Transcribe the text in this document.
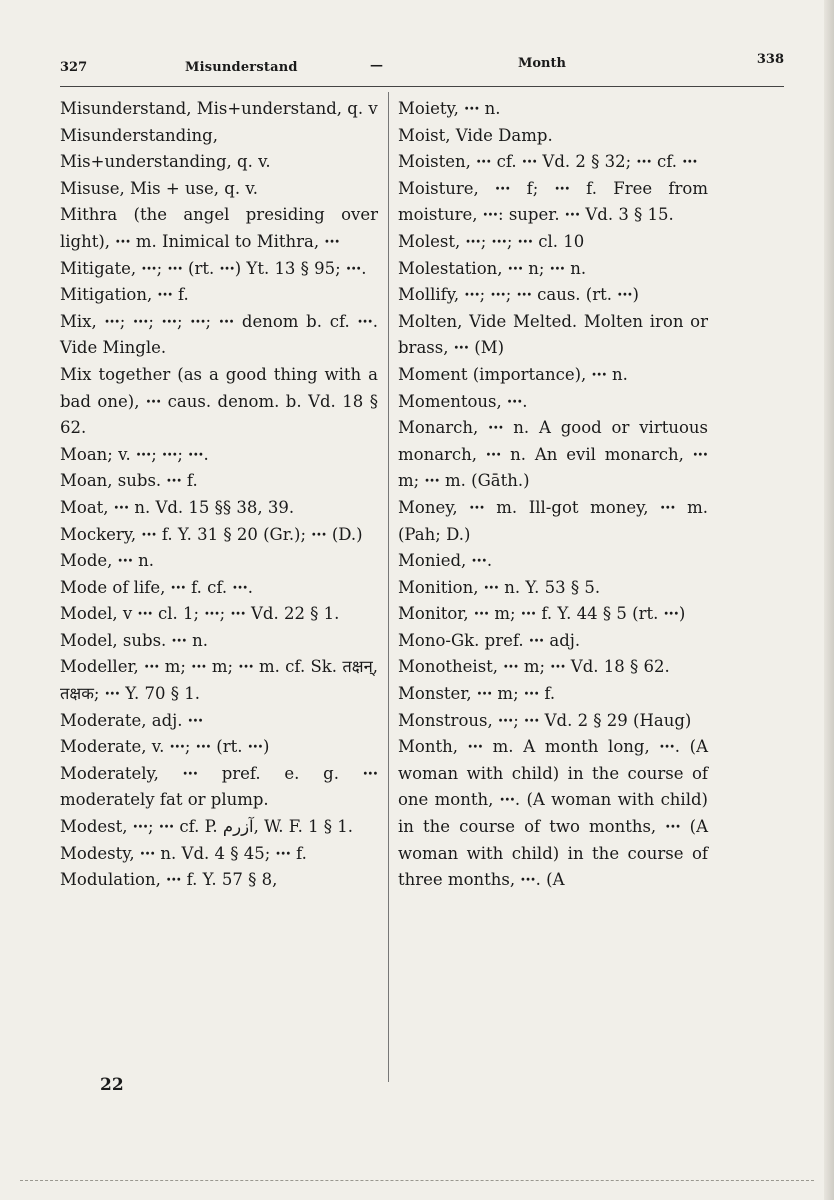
327	Misunderstand	—	Month	338
Misunderstand, Mis+understand, q. v
Misunderstanding, Mis+understanding, q. v.
Misuse, Mis + use, q. v.
Mithra (the angel presiding over light), ꞏꞏꞏ m. Inimical to Mithra, ꞏꞏꞏ
Mitigate, ꞏꞏꞏ; ꞏꞏꞏ (rt. ꞏꞏꞏ) Yt. 13 § 95; ꞏꞏꞏ.
Mitigation, ꞏꞏꞏ f.
Mix, ꞏꞏꞏ; ꞏꞏꞏ; ꞏꞏꞏ; ꞏꞏꞏ; ꞏꞏꞏ denom b. cf. ꞏꞏꞏ. Vide Mingle.
Mix together (as a good thing with a bad one), ꞏꞏꞏ caus. denom. b. Vd. 18 § 62.
Moan; v. ꞏꞏꞏ; ꞏꞏꞏ; ꞏꞏꞏ.
Moan, subs. ꞏꞏꞏ f.
Moat, ꞏꞏꞏ n. Vd. 15 §§ 38, 39.
Mockery, ꞏꞏꞏ f. Y. 31 § 20 (Gr.); ꞏꞏꞏ (D.)
Mode, ꞏꞏꞏ n.
Mode of life, ꞏꞏꞏ f. cf. ꞏꞏꞏ.
Model, v ꞏꞏꞏ cl. 1; ꞏꞏꞏ; ꞏꞏꞏ Vd. 22 § 1.
Model, subs. ꞏꞏꞏ n.
Modeller, ꞏꞏꞏ m; ꞏꞏꞏ m; ꞏꞏꞏ m. cf. Sk. तक्षन्, तक्षक; ꞏꞏꞏ Y. 70 § 1.
Moderate, adj. ꞏꞏꞏ
Moderate, v. ꞏꞏꞏ; ꞏꞏꞏ (rt. ꞏꞏꞏ)
Moderately, ꞏꞏꞏ pref. e. g. ꞏꞏꞏ moderately fat or plump.
Modest, ꞏꞏꞏ; ꞏꞏꞏ cf. P. آزرم, W. F. 1 § 1.
Modesty, ꞏꞏꞏ n. Vd. 4 § 45; ꞏꞏꞏ f.
Modulation, ꞏꞏꞏ f. Y. 57 § 8,
Moiety, ꞏꞏꞏ n.
Moist, Vide Damp.
Moisten, ꞏꞏꞏ cf. ꞏꞏꞏ Vd. 2 § 32; ꞏꞏꞏ cf. ꞏꞏꞏ
Moisture, ꞏꞏꞏ f; ꞏꞏꞏ f. Free from moisture, ꞏꞏꞏ: super. ꞏꞏꞏ Vd. 3 § 15.
Molest, ꞏꞏꞏ; ꞏꞏꞏ; ꞏꞏꞏ cl. 10
Molestation, ꞏꞏꞏ n; ꞏꞏꞏ n.
Mollify, ꞏꞏꞏ; ꞏꞏꞏ; ꞏꞏꞏ caus. (rt. ꞏꞏꞏ)
Molten, Vide Melted. Molten iron or brass, ꞏꞏꞏ (M)
Moment (importance), ꞏꞏꞏ n.
Momentous, ꞏꞏꞏ.
Monarch, ꞏꞏꞏ n. A good or virtuous monarch, ꞏꞏꞏ n. An evil monarch, ꞏꞏꞏ m; ꞏꞏꞏ m. (Gāth.)
Money, ꞏꞏꞏ m. Ill-got money, ꞏꞏꞏ m. (Pah; D.)
Monied, ꞏꞏꞏ.
Monition, ꞏꞏꞏ n. Y. 53 § 5.
Monitor, ꞏꞏꞏ m; ꞏꞏꞏ f. Y. 44 § 5 (rt. ꞏꞏꞏ)
Mono-Gk. pref. ꞏꞏꞏ adj.
Monotheist, ꞏꞏꞏ m; ꞏꞏꞏ Vd. 18 § 62.
Monster, ꞏꞏꞏ m; ꞏꞏꞏ f.
Monstrous, ꞏꞏꞏ; ꞏꞏꞏ Vd. 2 § 29 (Haug)
Month, ꞏꞏꞏ m. A month long, ꞏꞏꞏ. (A woman with child) in the course of one month, ꞏꞏꞏ. (A woman with child) in the course of two months, ꞏꞏꞏ (A woman with child) in the course of three months, ꞏꞏꞏ. (A
22
